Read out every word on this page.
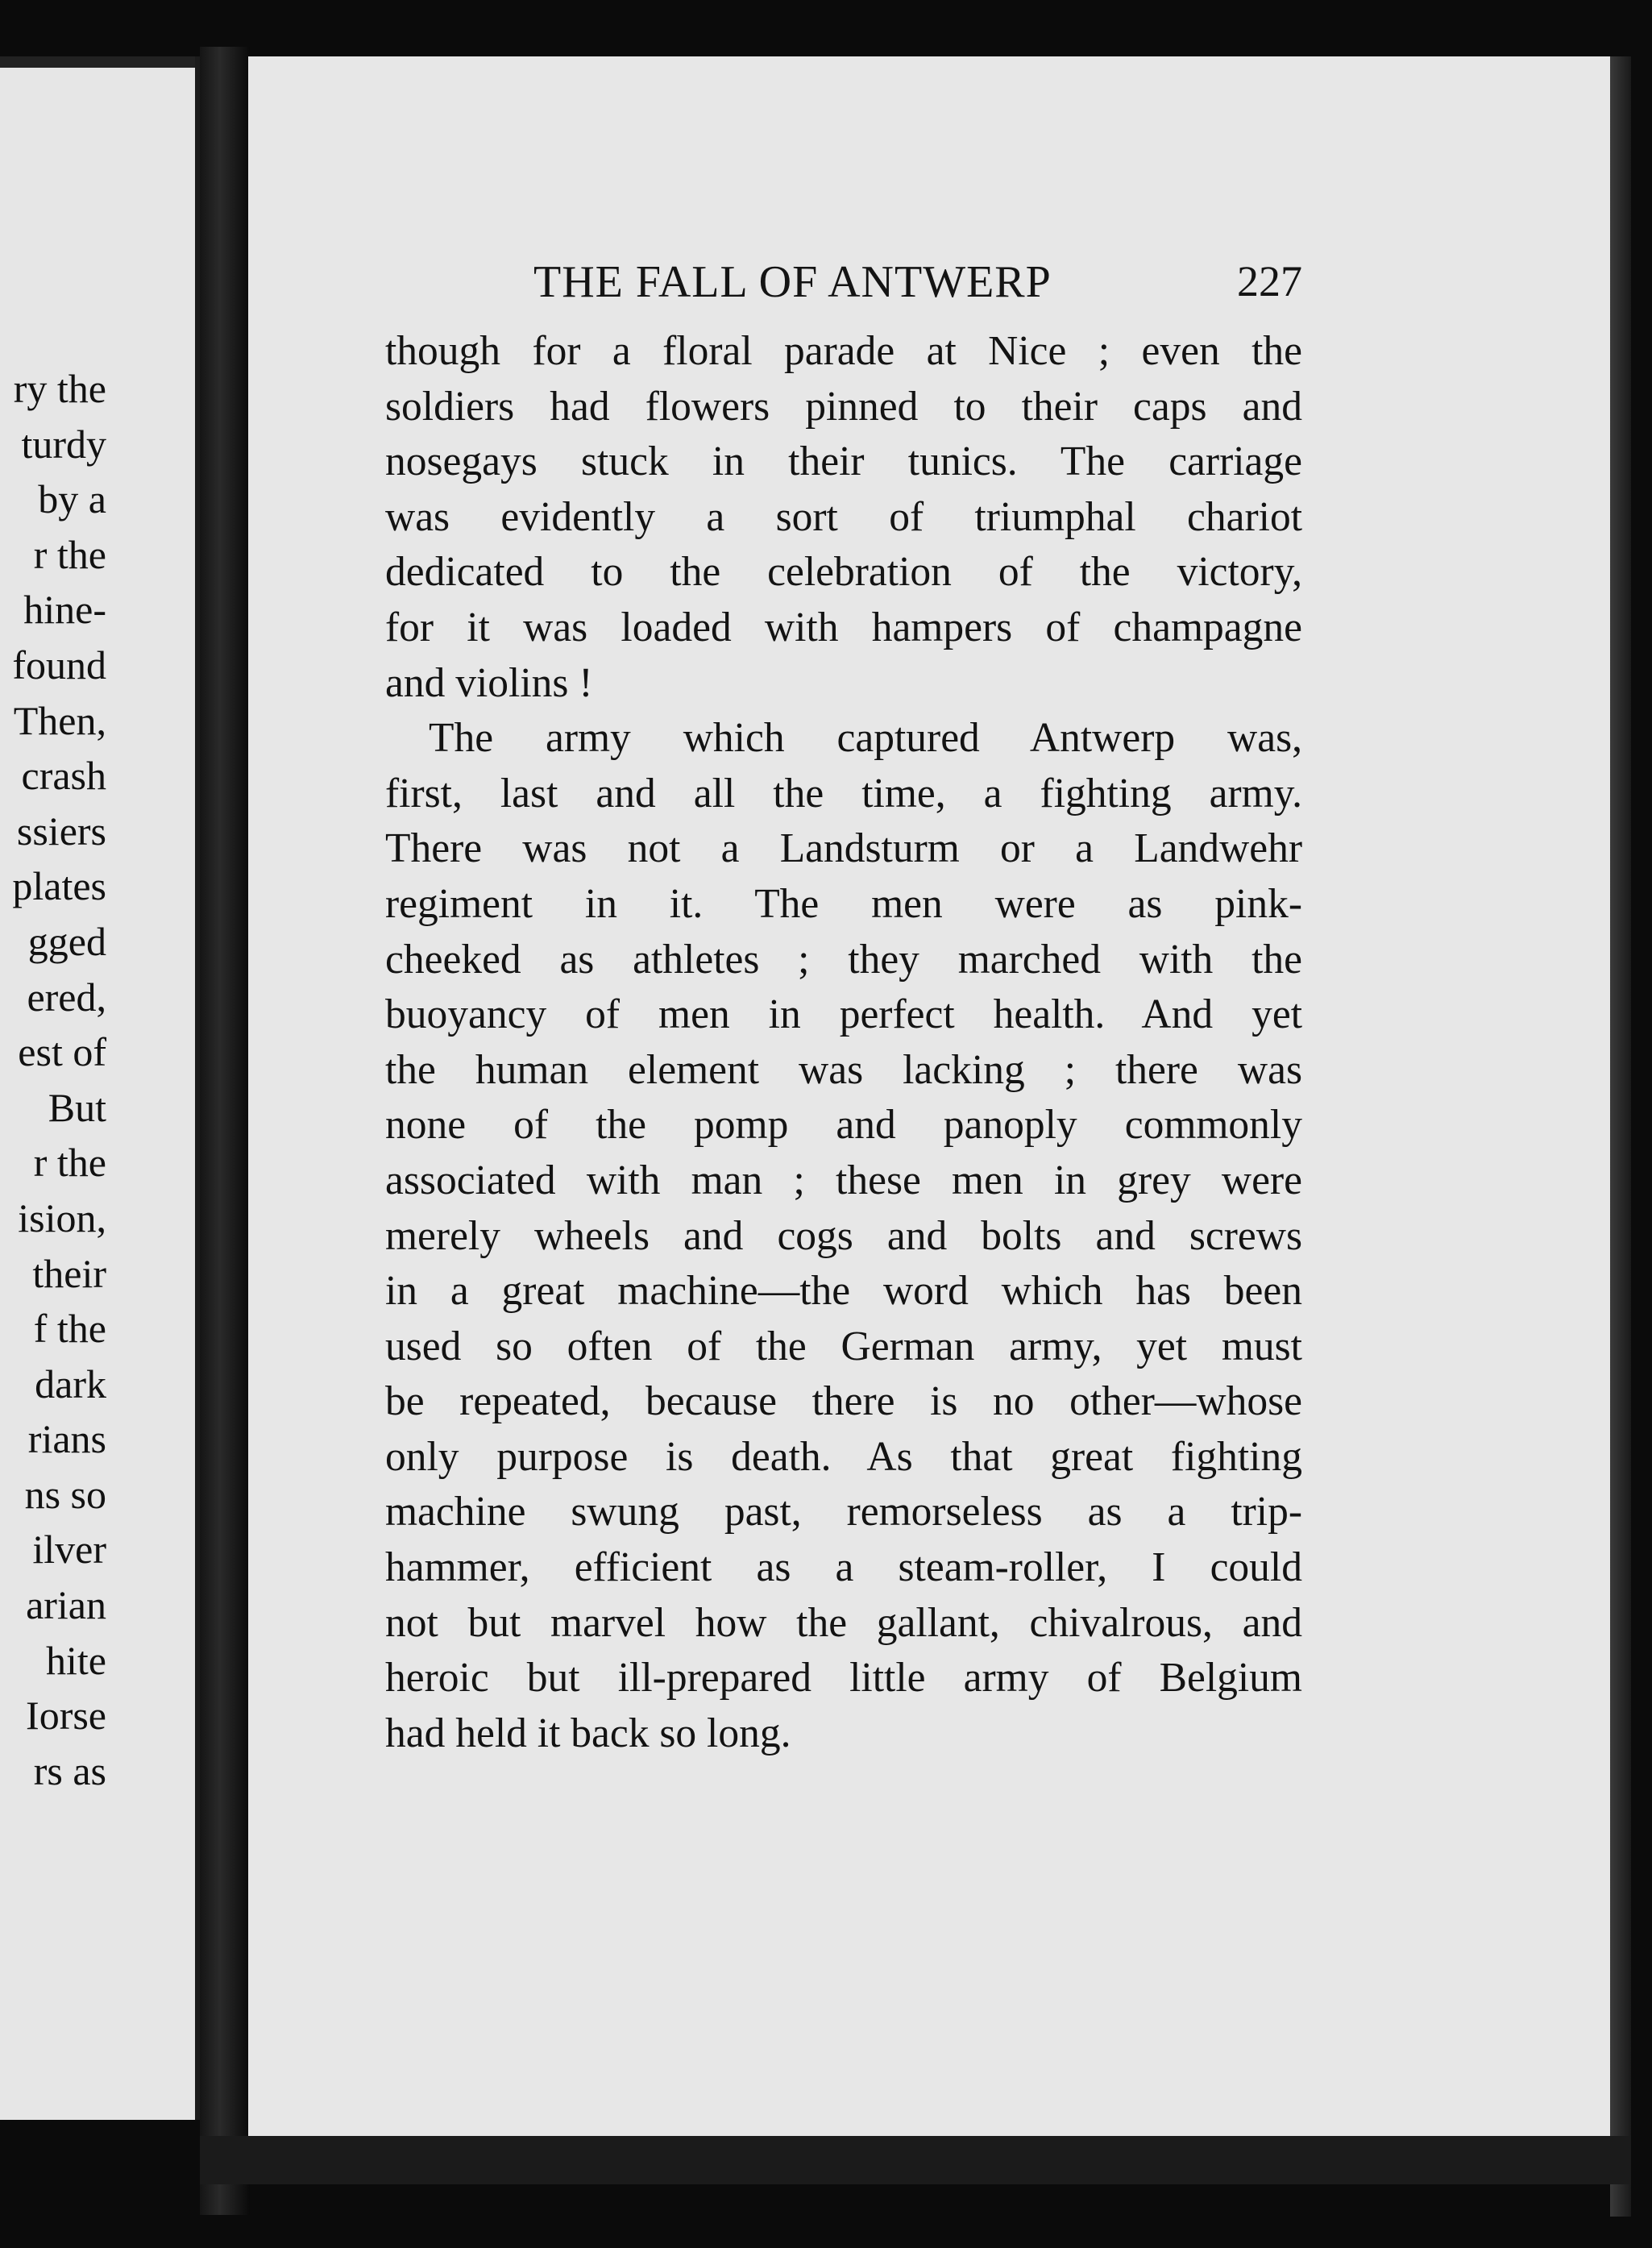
ry the
turdy
by a
r the
hine-
found
Then,
crash
ssiers
plates
gged
ered,
est of
But
r the
ision,
their
f the
dark
rians
ns so
ilver
arian
hite
Iorse
rs as
THE FALL OF ANTWERP	227
though for a floral parade at Nice ; even the
soldiers had flowers pinned to their caps and
nosegays stuck in their tunics. The carriage
was evidently a sort of triumphal chariot
dedicated to the celebration of the victory,
for it was loaded with hampers of champagne
and violins !
The army which captured Antwerp was,
first, last and all the time, a fighting army.
There was not a Landsturm or a Landwehr
regiment in it. The men were as pink-
cheeked as athletes ; they marched with the
buoyancy of men in perfect health. And yet
the human element was lacking ; there was
none of the pomp and panoply commonly
associated with man ; these men in grey were
merely wheels and cogs and bolts and screws
in a great machine—the word which has been
used so often of the German army, yet must
be repeated, because there is no other—whose
only purpose is death. As that great fighting
machine swung past, remorseless as a trip-
hammer, efficient as a steam-roller, I could
not but marvel how the gallant, chivalrous, and
heroic but ill-prepared little army of Belgium
had held it back so long.
